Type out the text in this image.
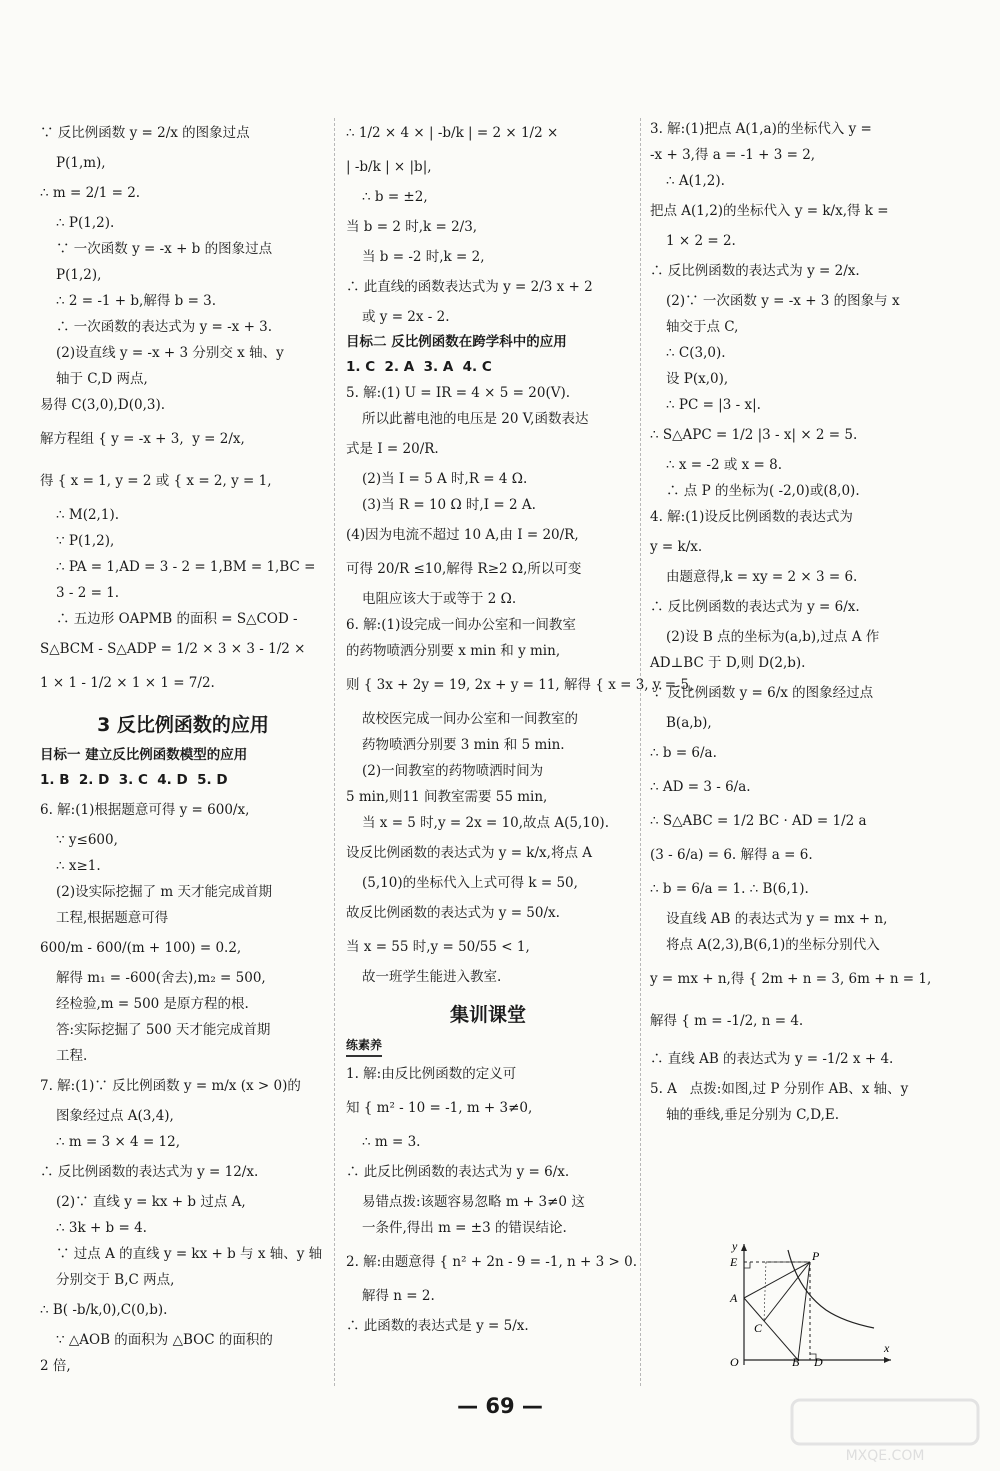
∵ 反比例函数 y = 2/x 的图象过点
P(1,m),
∴ m = 2/1 = 2.
∴ P(1,2).
∵ 一次函数 y = -x + b 的图象过点
P(1,2),
∴ 2 = -1 + b,解得 b = 3.
∴ 一次函数的表达式为 y = -x + 3.
(2)设直线 y = -x + 3 分别交 x 轴、y
轴于 C,D 两点,
易得 C(3,0),D(0,3).
解方程组 { y = -x + 3,  y = 2/x,
得 { x = 1, y = 2 或 { x = 2, y = 1,
∴ M(2,1).
∵ P(1,2),
∴ PA = 1,AD = 3 - 2 = 1,BM = 1,BC =
3 - 2 = 1.
∴ 五边形 OAPMB 的面积 = S△COD -
S△BCM - S△ADP = 1/2 × 3 × 3 - 1/2 ×
1 × 1 - 1/2 × 1 × 1 = 7/2.
3 反比例函数的应用
目标一 建立反比例函数模型的应用
1. B  2. D  3. C  4. D  5. D
6. 解:(1)根据题意可得 y = 600/x,
∵ y≤600,
∴ x≥1.
(2)设实际挖掘了 m 天才能完成首期
工程,根据题意可得
600/m - 600/(m + 100) = 0.2,
解得 m₁ = -600(舍去),m₂ = 500,
经检验,m = 500 是原方程的根.
答:实际挖掘了 500 天才能完成首期
工程.
7. 解:(1)∵ 反比例函数 y = m/x (x > 0)的
图象经过点 A(3,4),
∴ m = 3 × 4 = 12,
∴ 反比例函数的表达式为 y = 12/x.
(2)∵ 直线 y = kx + b 过点 A,
∴ 3k + b = 4.
∵ 过点 A 的直线 y = kx + b 与 x 轴、y 轴
分别交于 B,C 两点,
∴ B( -b/k,0),C(0,b).
∵ △AOB 的面积为 △BOC 的面积的
2 倍,
∴ 1/2 × 4 × | -b/k | = 2 × 1/2 ×
| -b/k | × |b|,
∴ b = ±2,
当 b = 2 时,k = 2/3,
当 b = -2 时,k = 2,
∴ 此直线的函数表达式为 y = 2/3 x + 2
或 y = 2x - 2.
目标二 反比例函数在跨学科中的应用
1. C  2. A  3. A  4. C
5. 解:(1) U = IR = 4 × 5 = 20(V).
所以此蓄电池的电压是 20 V,函数表达
式是 I = 20/R.
(2)当 I = 5 A 时,R = 4 Ω.
(3)当 R = 10 Ω 时,I = 2 A.
(4)因为电流不超过 10 A,由 I = 20/R,
可得 20/R ≤10,解得 R≥2 Ω,所以可变
电阻应该大于或等于 2 Ω.
6. 解:(1)设完成一间办公室和一间教室
的药物喷洒分别要 x min 和 y min,
则 { 3x + 2y = 19, 2x + y = 11, 解得 { x = 3, y = 5,
故校医完成一间办公室和一间教室的
药物喷洒分别要 3 min 和 5 min.
(2)一间教室的药物喷洒时间为
5 min,则11 间教室需要 55 min,
当 x = 5 时,y = 2x = 10,故点 A(5,10).
设反比例函数的表达式为 y = k/x,将点 A
(5,10)的坐标代入上式可得 k = 50,
故反比例函数的表达式为 y = 50/x.
当 x = 55 时,y = 50/55 < 1,
故一班学生能进入教室.
集训课堂
练素养
1. 解:由反比例函数的定义可
知 { m² - 10 = -1, m + 3≠0,
∴ m = 3.
∴ 此反比例函数的表达式为 y = 6/x.
易错点拨:该题容易忽略 m + 3≠0 这
一条件,得出 m = ±3 的错误结论.
2. 解:由题意得 { n² + 2n - 9 = -1, n + 3 > 0.
解得 n = 2.
∴ 此函数的表达式是 y = 5/x.
3. 解:(1)把点 A(1,a)的坐标代入 y =
-x + 3,得 a = -1 + 3 = 2,
∴ A(1,2).
把点 A(1,2)的坐标代入 y = k/x,得 k =
1 × 2 = 2.
∴ 反比例函数的表达式为 y = 2/x.
(2)∵ 一次函数 y = -x + 3 的图象与 x
轴交于点 C,
∴ C(3,0).
设 P(x,0),
∴ PC = |3 - x|.
∴ S△APC = 1/2 |3 - x| × 2 = 5.
∴ x = -2 或 x = 8.
∴ 点 P 的坐标为( -2,0)或(8,0).
4. 解:(1)设反比例函数的表达式为
y = k/x.
由题意得,k = xy = 2 × 3 = 6.
∴ 反比例函数的表达式为 y = 6/x.
(2)设 B 点的坐标为(a,b),过点 A 作
AD⊥BC 于 D,则 D(2,b).
∵ 反比例函数 y = 6/x 的图象经过点
B(a,b),
∴ b = 6/a.
∴ AD = 3 - 6/a.
∴ S△ABC = 1/2 BC · AD = 1/2 a
(3 - 6/a) = 6. 解得 a = 6.
∴ b = 6/a = 1. ∴ B(6,1).
设直线 AB 的表达式为 y = mx + n,
将点 A(2,3),B(6,1)的坐标分别代入
y = mx + n,得 { 2m + n = 3, 6m + n = 1,
解得 { m = -1/2, n = 4.
∴ 直线 AB 的表达式为 y = -1/2 x + 4.
5. A   点拨:如图,过 P 分别作 AB、x 轴、y
轴的垂线,垂足分别为 C,D,E.
y
E	P
A
C
O	B D
x
— 69 —
MXQE.COM
